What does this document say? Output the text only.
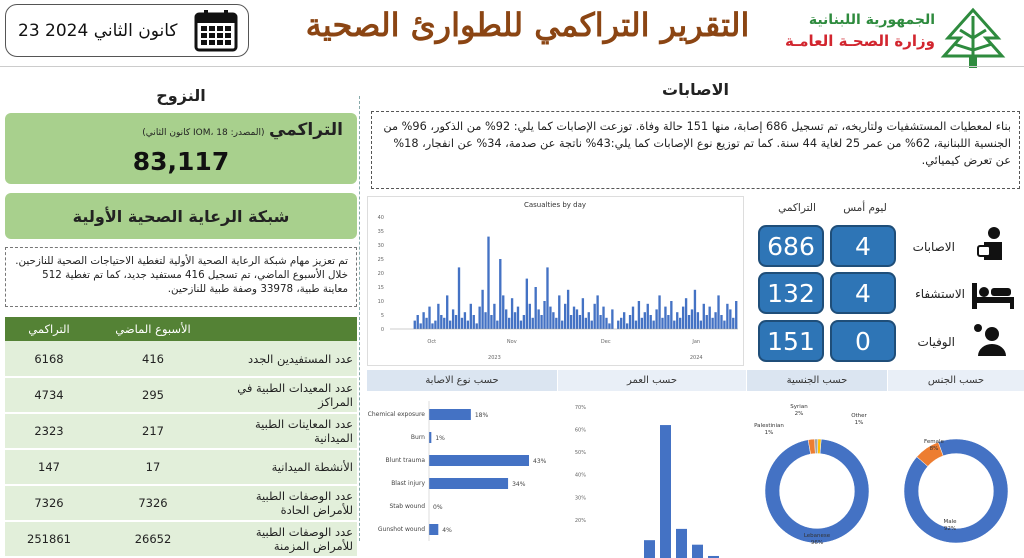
23 كانون الثاني 2024	التقرير التراكمي للطوارئ الصحية	الجمهورية اللبنانية
وزارة الصحـة العامـة
النزوح
التراكمي (المصدر: IOM، 18 كانون الثاني)
83,117
شبكة الرعاية الصحية الأولية
تم تعزيز مهام شبكة الرعاية الصحية الأولية لتغطية الاحتياجات الصحية للنازحين. خلال الأسبوع الماضي، تم تسجيل 416 مستفيد جديد، كما تم تغطية 512 معاينة طبية، 33978 وصفة طبية للنازحين.
التراكمي	الأسبوع الماضي	
6168	416	عدد المستفيدين الجدد
4734	295	عدد المعيدات الطبية في المراكز
2323	217	عدد المعاينات الطبية الميدانية
147	17	الأنشطة الميدانية
7326	7326	عدد الوصفات الطبية للأمراض الحادة
251861	26652	عدد الوصفات الطبية للأمراض المزمنة
الاصابات
بناء لمعطيات المستشفيات ولتاريخه، تم تسجيل 686 إصابة، منها 151 حالة وفاة. توزعت الإصابات كما يلي: 92% من الذكور، 96% من الجنسية اللبنانية، 62% من عمر 25 لغاية 44 سنة. كما تم توزيع نوع الإصابات كما يلي:43% ناتجة عن صدمة، 34% عن انفجار، 18% عن تعرض كيميائي.
Casualties by day
0
5
10
15
20
25
30
35
40
Oct	Nov	Dec	Jan
2023	2024
التراكمي	ليوم أمس
686	4	الاصابات
132	4	الاستشفاء
151	0	الوفيات
حسب نوع الاصابة	حسب العمر	حسب الجنسية	حسب الجنس
Chemical exposure	18%
Burn 1%
Blunt trauma	43%
Blast injury	34%
Stab wound 0%
Gunshot wound	4%
20%
30%
40%
50%
60%
70%
Lebanese
96%
Syrian
2%
Palestinian
1%
Other
1%
Male
92%
Female
8%
